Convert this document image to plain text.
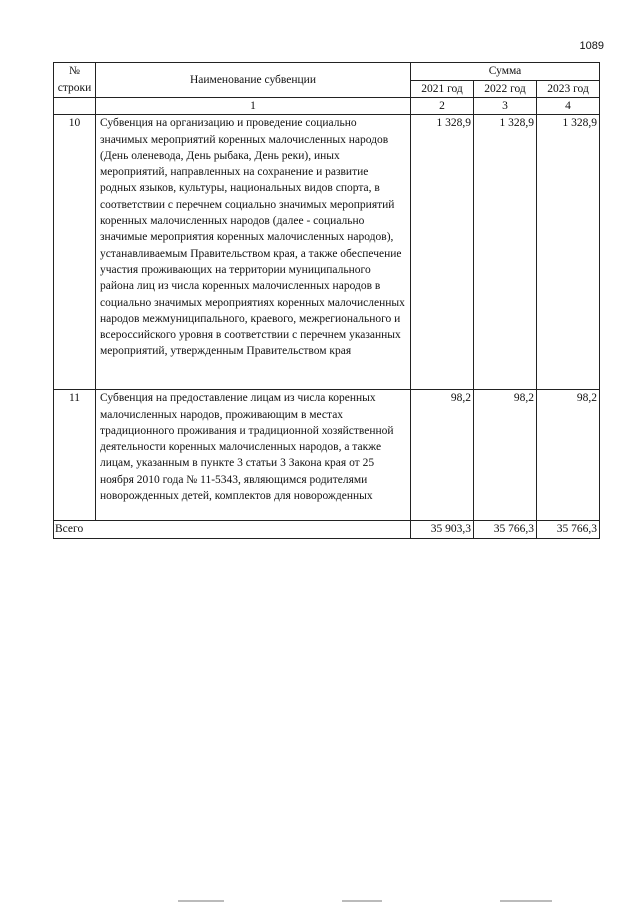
1089
№
строки	Наименование субвенции	Сумма		
		2021 год	2022 год	2023 год
	1	2	3	4
10	Субвенция на организацию и проведение социально значимых мероприятий коренных малочисленных народов (День оленевода, День рыбака, День реки), иных мероприятий, направленных на сохранение и развитие родных языков, культуры, национальных видов спорта, в соответствии с перечнем социально значимых мероприятий коренных малочисленных народов (далее - социально значимые мероприятия коренных малочисленных народов), устанавливаемым Правительством края, а также обеспечение участия проживающих на территории муниципального района лиц из числа коренных малочисленных народов в социально значимых мероприятиях коренных малочисленных народов межмуниципального, краевого, межрегионального и всероссийского уровня в соответствии с перечнем указанных мероприятий, утвержденным Правительством края	1 328,9	1 328,9	1 328,9
11	Субвенция на предоставление лицам из числа коренных малочисленных народов, проживающим в местах традиционного проживания и традиционной хозяйственной деятельности коренных малочисленных народов, а также лицам, указанным в пункте 3 статьи 3 Закона края от 25 ноября 2010 года № 11-5343, являющимся родителями новорожденных детей, комплектов для новорожденных	98,2	98,2	98,2
Всего		35 903,3	35 766,3	35 766,3
